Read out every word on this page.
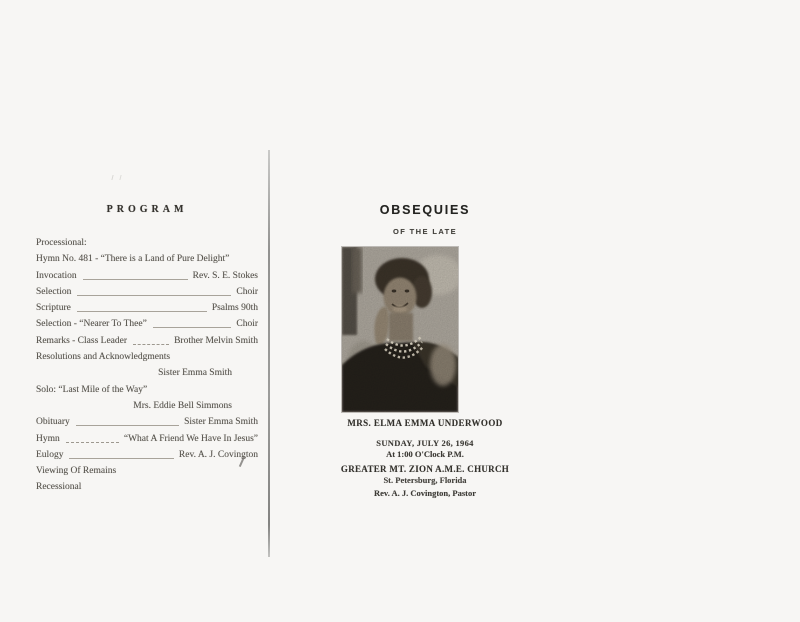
PROGRAM
Processional:
Hymn No. 481 - “There is a Land of Pure Delight”
Invocation	Rev. S. E. Stokes
Selection	Choir
Scripture	Psalms 90th
Selection - “Nearer To Thee”	Choir
Remarks - Class Leader	Brother Melvin Smith
Resolutions and Acknowledgments
Sister Emma Smith
Solo: “Last Mile of the Way”
Mrs. Eddie Bell Simmons
Obituary	Sister Emma Smith
Hymn	“What A Friend We Have In Jesus”
Eulogy	Rev. A. J. Covington
Viewing Of Remains
Recessional
OBSEQUIES
OF THE LATE
MRS. ELMA EMMA UNDERWOOD
SUNDAY, JULY 26, 1964
At 1:00 O'Clock P.M.
GREATER MT. ZION A.M.E. CHURCH
St. Petersburg, Florida
Rev. A. J. Covington, Pastor
